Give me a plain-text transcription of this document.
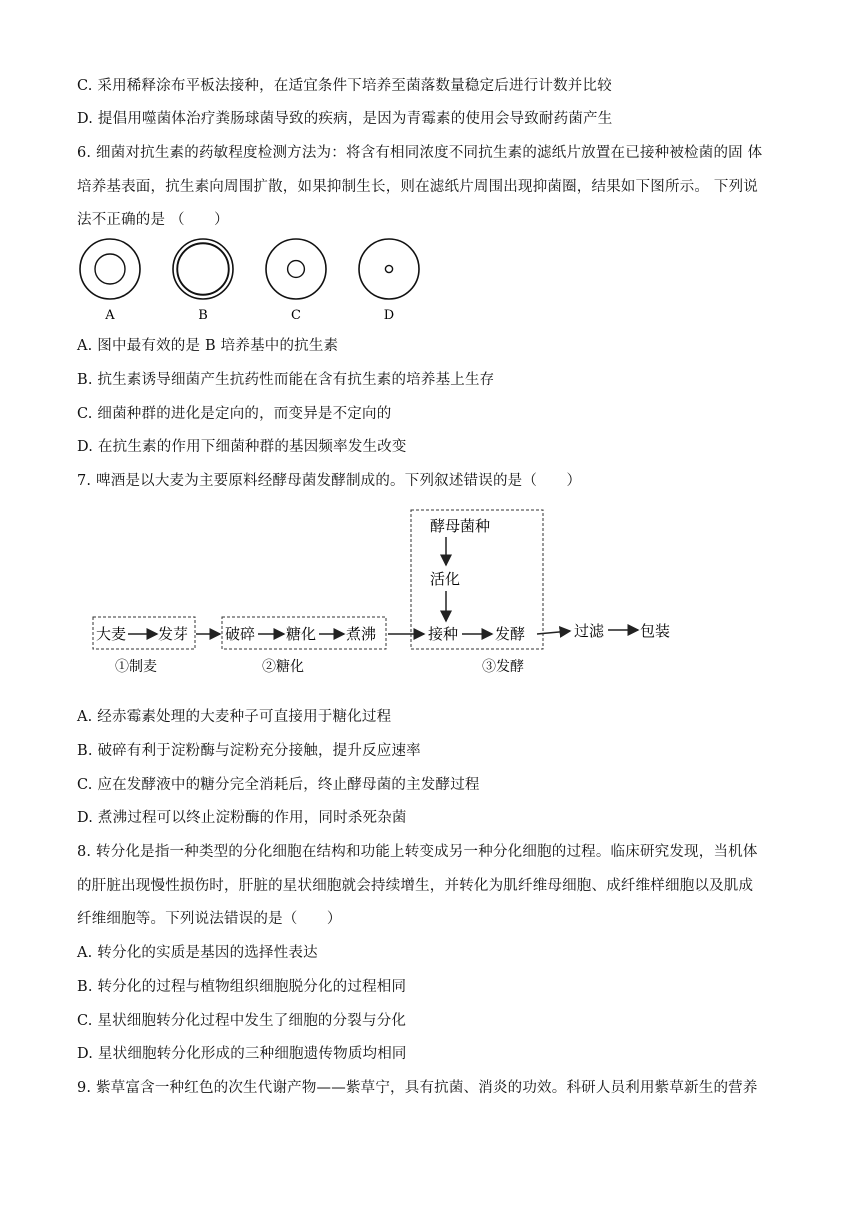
C. 采用稀释涂布平板法接种，在适宜条件下培养至菌落数量稳定后进行计数并比较
D. 提倡用噬菌体治疗粪肠球菌导致的疾病，是因为青霉素的使用会导致耐药菌产生
6. 细菌对抗生素的药敏程度检测方法为：将含有相同浓度不同抗生素的滤纸片放置在已接种被检菌的固 体
培养基表面，抗生素向周围扩散，如果抑制生长，则在滤纸片周围出现抑菌圈，结果如下图所示。 下列说
法不正确的是 （　　）
A	B	C	D
A. 图中最有效的是 B 培养基中的抗生素
B. 抗生素诱导细菌产生抗药性而能在含有抗生素的培养基上生存
C. 细菌种群的进化是定向的，而变异是不定向的
D. 在抗生素的作用下细菌种群的基因频率发生改变
7. 啤酒是以大麦为主要原料经酵母菌发酵制成的。下列叙述错误的是（　　）
大麦 发芽 破碎 糖化 煮沸
酵母菌种
活化
接种 发酵	过滤 包装
①制麦	②糖化	③发酵
A. 经赤霉素处理的大麦种子可直接用于糖化过程
B. 破碎有利于淀粉酶与淀粉充分接触，提升反应速率
C. 应在发酵液中的糖分完全消耗后，终止酵母菌的主发酵过程
D. 煮沸过程可以终止淀粉酶的作用，同时杀死杂菌
8. 转分化是指一种类型的分化细胞在结构和功能上转变成另一种分化细胞的过程。临床研究发现，当机体
的肝脏出现慢性损伤时，肝脏的星状细胞就会持续增生，并转化为肌纤维母细胞、成纤维样细胞以及肌成
纤维细胞等。下列说法错误的是（　　）
A. 转分化的实质是基因的选择性表达
B. 转分化的过程与植物组织细胞脱分化的过程相同
C. 星状细胞转分化过程中发生了细胞的分裂与分化
D. 星状细胞转分化形成的三种细胞遗传物质均相同
9. 紫草富含一种红色的次生代谢产物——紫草宁，具有抗菌、消炎的功效。科研人员利用紫草新生的营养
